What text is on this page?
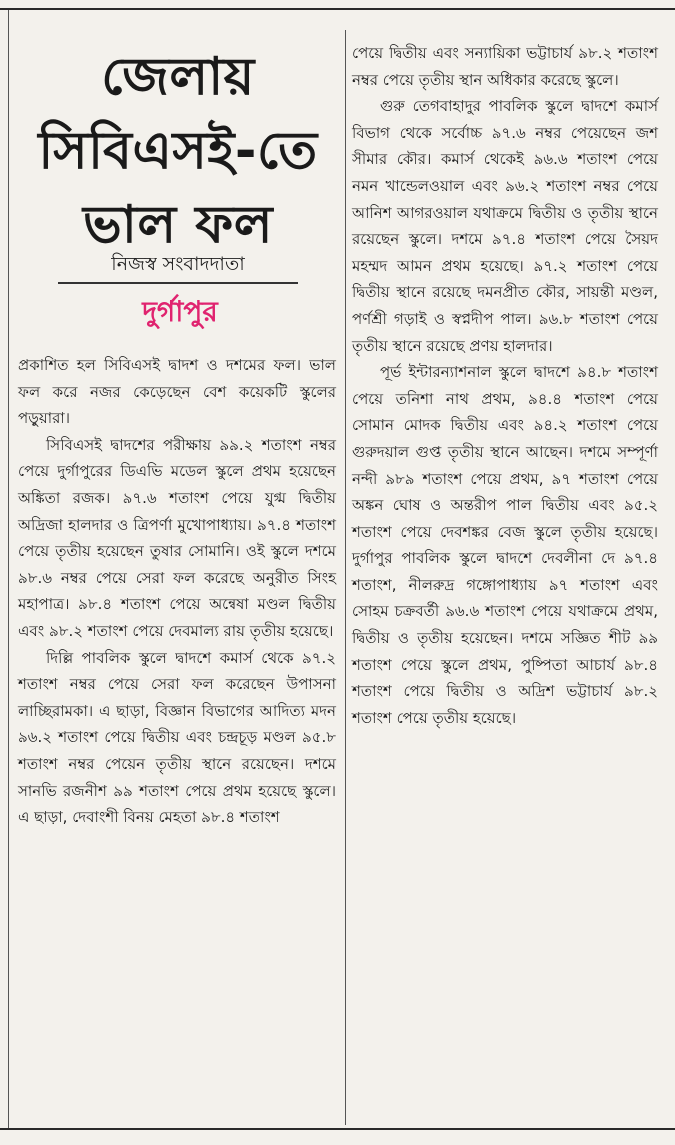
জেলায়
সিবিএসই-তে
ভাল ফল
নিজস্ব সংবাদদাতা
দুর্গাপুর

প্রকাশিত হল সিবিএসই দ্বাদশ ও দশমের ফল। ভাল ফল করে নজর কেড়েছেন বেশ কয়েকটি স্কুলের পড়ুয়ারা।

সিবিএসই দ্বাদশের পরীক্ষায় ৯৯.২ শতাংশ নম্বর পেয়ে দুর্গাপুরের ডিএভি মডেল স্কুলে প্রথম হয়েছেন অঙ্কিতা রজক। ৯৭.৬ শতাংশ পেয়ে যুগ্ম দ্বিতীয় অদ্রিজা হালদার ও ত্রিপর্ণা মুখোপাধ্যায়। ৯৭.৪ শতাংশ পেয়ে তৃতীয় হয়েছেন তুষার সোমানি। ওই স্কুলে দশমে ৯৮.৬ নম্বর পেয়ে সেরা ফল করেছে অনুরীত সিংহ মহাপাত্র। ৯৮.৪ শতাংশ পেয়ে অন্বেষা মণ্ডল দ্বিতীয় এবং ৯৮.২ শতাংশ পেয়ে দেবমাল্য রায় তৃতীয় হয়েছে।

দিল্লি পাবলিক স্কুলে দ্বাদশে কমার্স থেকে ৯৭.২ শতাংশ নম্বর পেয়ে সেরা ফল করেছেন উপাসনা লাচ্ছিরামকা। এ ছাড়া, বিজ্ঞান বিভাগের আদিত্য মদন ৯৬.২ শতাংশ পেয়ে দ্বিতীয় এবং চন্দ্রচূড় মণ্ডল ৯৫.৮ শতাংশ নম্বর পেয়েন তৃতীয় স্থানে রয়েছেন। দশমে সানভি রজনীশ ৯৯ শতাংশ পেয়ে প্রথম হয়েছে স্কুলে। এ ছাড়া, দেবাংশী বিনয় মেহতা ৯৮.৪ শতাংশ

পেয়ে দ্বিতীয় এবং সন্যায়িকা ভট্টাচার্য ৯৮.২ শতাংশ নম্বর পেয়ে তৃতীয় স্থান অধিকার করেছে স্কুলে।

গুরু তেগবাহাদুর পাবলিক স্কুলে দ্বাদশে কমার্স বিভাগ থেকে সর্বোচ্চ ৯৭.৬ নম্বর পেয়েছেন জশ সীমার কৌর। কমার্স থেকেই ৯৬.৬ শতাংশ পেয়ে নমন খান্ডেলওয়াল এবং ৯৬.২ শতাংশ নম্বর পেয়ে আনিশ আগরওয়াল যথাক্রমে দ্বিতীয় ও তৃতীয় স্থানে রয়েছেন স্কুলে। দশমে ৯৭.৪ শতাংশ পেয়ে সৈয়দ মহম্মদ আমন প্রথম হয়েছে। ৯৭.২ শতাংশ পেয়ে দ্বিতীয় স্থানে রয়েছে দমনপ্রীত কৌর, সায়ন্তী মণ্ডল, পর্ণশ্রী গড়াই ও স্বপ্নদীপ পাল। ৯৬.৮ শতাংশ পেয়ে তৃতীয় স্থানে রয়েছে প্রণয় হালদার।

পূর্ভ ইন্টারন্যাশনাল স্কুলে দ্বাদশে ৯৪.৮ শতাংশ পেয়ে তনিশা নাথ প্রথম, ৯৪.৪ শতাংশ পেয়ে সোমান মোদক দ্বিতীয় এবং ৯৪.২ শতাংশ পেয়ে গুরুদয়াল গুপ্ত তৃতীয় স্থানে আছেন। দশমে সম্পূর্ণা নন্দী ৯৮৯ শতাংশ পেয়ে প্রথম, ৯৭ শতাংশ পেয়ে অঙ্কন ঘোষ ও অন্তরীপ পাল দ্বিতীয় এবং ৯৫.২ শতাংশ পেয়ে দেবশঙ্কর বেজ স্কুলে তৃতীয় হয়েছে। দুর্গাপুর পাবলিক স্কুলে দ্বাদশে দেবলীনা দে ৯৭.৪ শতাংশ, নীলরুদ্র গঙ্গোপাধ্যায় ৯৭ শতাংশ এবং সোহম চক্রবর্তী ৯৬.৬ শতাংশ পেয়ে যথাক্রমে প্রথম, দ্বিতীয় ও তৃতীয় হয়েছেন। দশমে সজ্ঞিত শীট ৯৯ শতাংশ পেয়ে স্কুলে প্রথম, পুষ্পিতা আচার্য ৯৮.৪ শতাংশ পেয়ে দ্বিতীয় ও অদ্রিশ ভট্টাচার্য ৯৮.২ শতাংশ পেয়ে তৃতীয় হয়েছে।
